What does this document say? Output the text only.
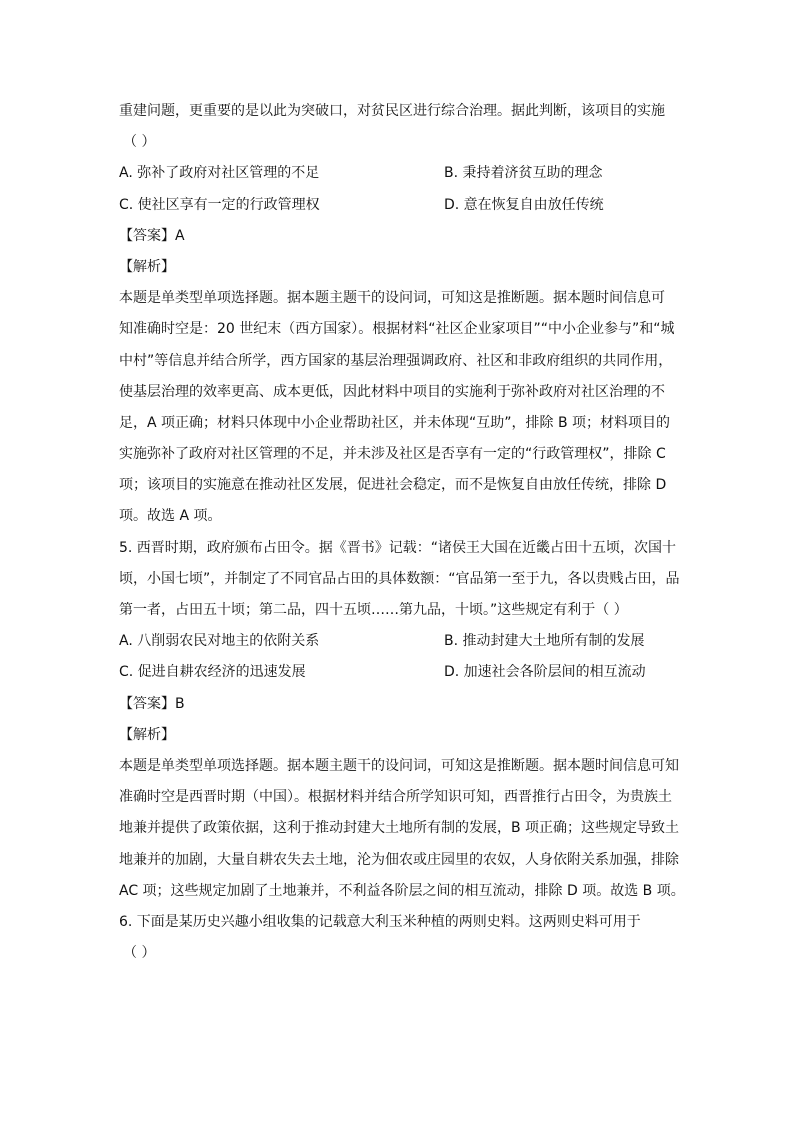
重建问题，更重要的是以此为突破口，对贫民区进行综合治理。据此判断，该项目的实施
（ ）
A. 弥补了政府对社区管理的不足	B. 秉持着济贫互助的理念
C. 使社区享有一定的行政管理权	D. 意在恢复自由放任传统
【答案】A
【解析】
本题是单类型单项选择题。据本题主题干的设问词，可知这是推断题。据本题时间信息可
知准确时空是：20 世纪末（西方国家）。根据材料“社区企业家项目”“中小企业参与”和“城
中村”等信息并结合所学，西方国家的基层治理强调政府、社区和非政府组织的共同作用，
使基层治理的效率更高、成本更低，因此材料中项目的实施利于弥补政府对社区治理的不
足，A 项正确；材料只体现中小企业帮助社区，并未体现“互助”，排除 B 项；材料项目的
实施弥补了政府对社区管理的不足，并未涉及社区是否享有一定的“行政管理权”，排除 C
项；该项目的实施意在推动社区发展，促进社会稳定，而不是恢复自由放任传统，排除 D
项。故选 A 项。
5. 西晋时期，政府颁布占田令。据《晋书》记载：“诸侯王大国在近畿占田十五顷，次国十
顷，小国七顷”，并制定了不同官品占田的具体数额：“官品第一至于九，各以贵贱占田，品
第一者，占田五十顷；第二品，四十五顷……第九品，十顷。”这些规定有利于（ ）
A. 八削弱农民对地主的依附关系	B. 推动封建大土地所有制的发展
C. 促进自耕农经济的迅速发展	D. 加速社会各阶层间的相互流动
【答案】B
【解析】
本题是单类型单项选择题。据本题主题干的设问词，可知这是推断题。据本题时间信息可知
准确时空是西晋时期（中国）。根据材料并结合所学知识可知，西晋推行占田令，为贵族土
地兼并提供了政策依据，这利于推动封建大土地所有制的发展，B 项正确；这些规定导致土
地兼并的加剧，大量自耕农失去土地，沦为佃农或庄园里的农奴，人身依附关系加强，排除
AC 项；这些规定加剧了土地兼并，不利益各阶层之间的相互流动，排除 D 项。故选 B 项。
6. 下面是某历史兴趣小组收集的记载意大利玉米种植的两则史料。这两则史料可用于
（ ）
